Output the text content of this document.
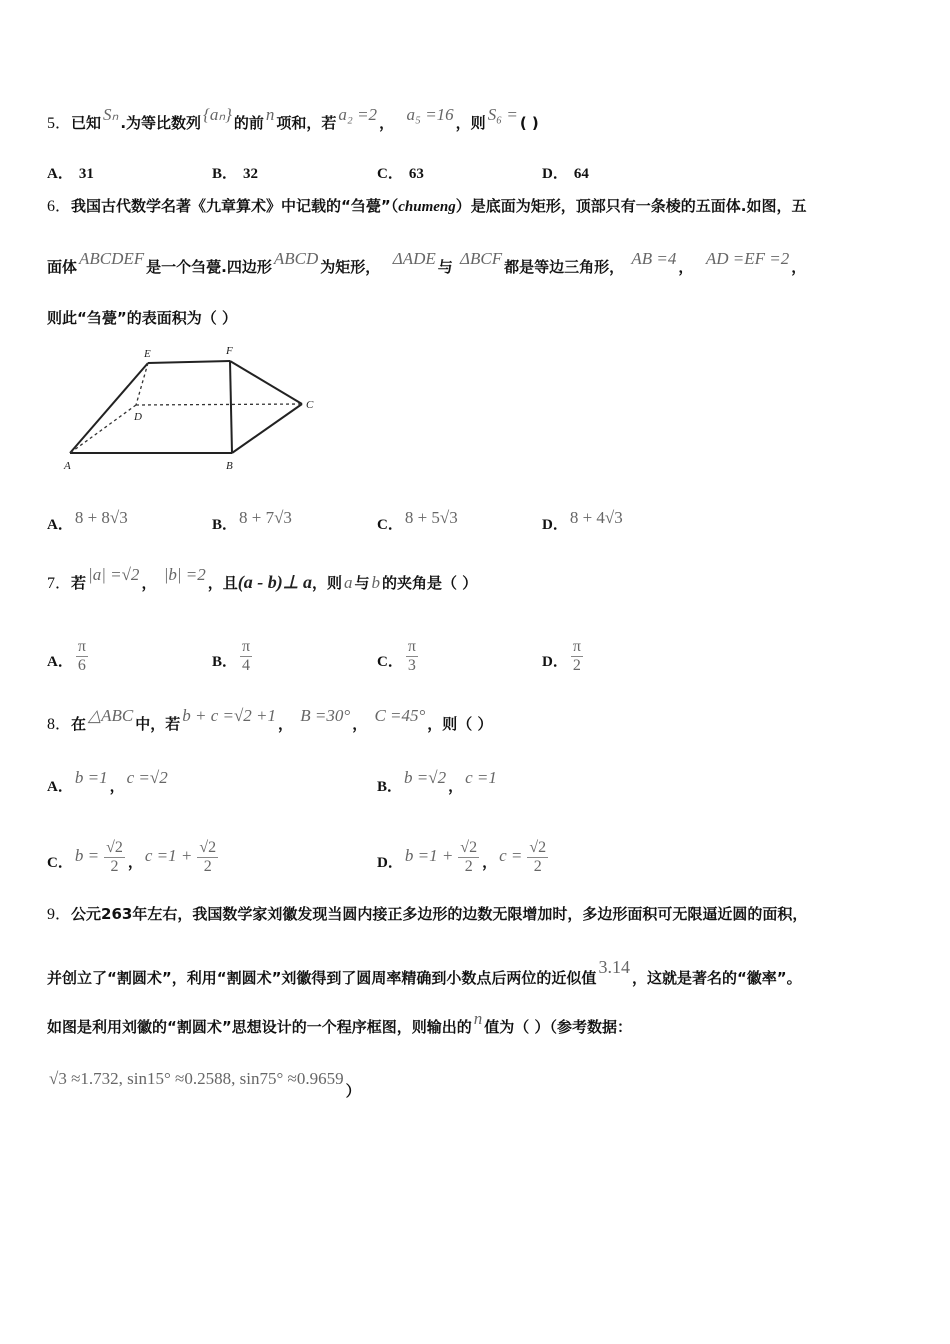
5．已知 Sₙ .为等比数列 {aₙ} 的前 n 项和，若 a₂ =2 ， a₅ =16 ，则 S₆ = ( )
A． 31	B． 32	C． 63	D． 64
6．我国古代数学名著《九章算术》中记载的“刍甍”（chumeng）是底面为矩形，顶部只有一条棱的五面体.如图，五
面体 ABCDEF 是一个刍甍.四边形 ABCD 为矩形， ΔADE 与 ΔBCF 都是等边三角形， AB =4 ， AD =EF =2 ，
则此“刍甍”的表面积为（ ）
E	F
D
C
A	B
A． 8 + 8√3	B． 8 + 7√3	C． 8 + 5√3	D． 8 + 4√3
7．若 |a| =√2 ， |b| =2 ，且(a - b)⊥ a，则 a 与 b 的夹角是（ ）
A． $\frac{\pi}{6}$	B． $\frac{\pi}{4}$	C． $\frac{\pi}{3}$	D． $\frac{\pi}{2}$
8．在 △ABC 中，若 b + c =√2 +1 ， B =30° ， C =45° ，则（ ）
A． b =1 ， c =√2	B． b =√2 ， c =1
C． $b = \frac{√2}{2}$ ， $c =1 + \frac{√2}{2}$	D． $b =1 + \frac{√2}{2}$ ， $c = \frac{√2}{2}$
9．公元263年左右，我国数学家刘徽发现当圆内接正多边形的边数无限增加时，多边形面积可无限逼近圆的面积，
并创立了“割圆术”，利用“割圆术”刘徽得到了圆周率精确到小数点后两位的近似值3.14，这就是著名的“徽率”。
如图是利用刘徽的“割圆术”思想设计的一个程序框图，则输出的 n 值为（ ）（参考数据：
√3 ≈1.732, sin15° ≈0.2588, sin75° ≈0.9659）
